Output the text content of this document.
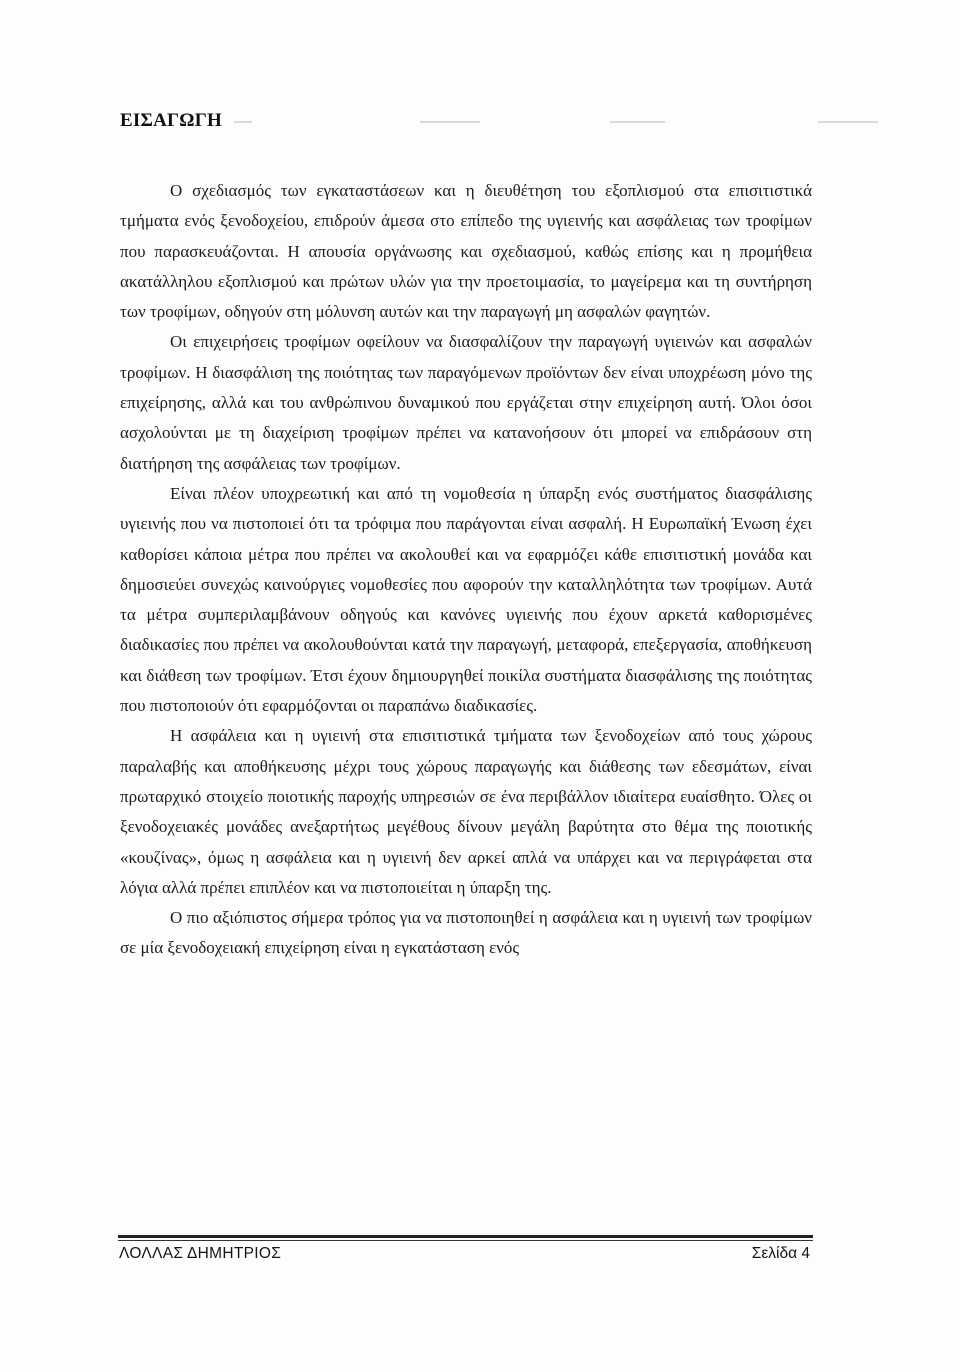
ΕΙΣΑΓΩΓΗ

Ο σχεδιασμός των εγκαταστάσεων και η διευθέτηση του εξοπλισμού στα επισιτιστικά τμήματα ενός ξενοδοχείου, επιδρούν άμεσα στο επίπεδο της υγιεινής και ασφάλειας των τροφίμων που παρασκευάζονται. Η απουσία οργάνωσης και σχεδιασμού, καθώς επίσης και η προμήθεια ακατάλληλου εξοπλισμού και πρώτων υλών για την προετοιμασία, το μαγείρεμα και τη συντήρηση των τροφίμων, οδηγούν στη μόλυνση αυτών και την παραγωγή μη ασφαλών φαγητών.

Οι επιχειρήσεις τροφίμων οφείλουν να διασφαλίζουν την παραγωγή υγιεινών και ασφαλών τροφίμων. Η διασφάλιση της ποιότητας των παραγόμενων προϊόντων δεν είναι υποχρέωση μόνο της επιχείρησης, αλλά και του ανθρώπινου δυναμικού που εργάζεται στην επιχείρηση αυτή. Όλοι όσοι ασχολούνται με τη διαχείριση τροφίμων πρέπει να κατανοήσουν ότι μπορεί να επιδράσουν στη διατήρηση της ασφάλειας των τροφίμων.

Είναι πλέον υποχρεωτική και από τη νομοθεσία η ύπαρξη ενός συστήματος διασφάλισης υγιεινής που να πιστοποιεί ότι τα τρόφιμα που παράγονται είναι ασφαλή. Η Ευρωπαϊκή Ένωση έχει καθορίσει κάποια μέτρα που πρέπει να ακολουθεί και να εφαρμόζει κάθε επισιτιστική μονάδα και δημοσιεύει συνεχώς καινούργιες νομοθεσίες που αφορούν την καταλληλότητα των τροφίμων. Αυτά τα μέτρα συμπεριλαμβάνουν οδηγούς και κανόνες υγιεινής που έχουν αρκετά καθορισμένες διαδικασίες που πρέπει να ακολουθούνται κατά την παραγωγή, μεταφορά, επεξεργασία, αποθήκευση και διάθεση των τροφίμων. Έτσι έχουν δημιουργηθεί ποικίλα συστήματα διασφάλισης της ποιότητας που πιστοποιούν ότι εφαρμόζονται οι παραπάνω διαδικασίες.

Η ασφάλεια και η υγιεινή στα επισιτιστικά τμήματα των ξενοδοχείων από τους χώρους παραλαβής και αποθήκευσης μέχρι τους χώρους παραγωγής και διάθεσης των εδεσμάτων, είναι πρωταρχικό στοιχείο ποιοτικής παροχής υπηρεσιών σε ένα περιβάλλον ιδιαίτερα ευαίσθητο. Όλες οι ξενοδοχειακές μονάδες ανεξαρτήτως μεγέθους δίνουν μεγάλη βαρύτητα στο θέμα της ποιοτικής «κουζίνας», όμως η ασφάλεια και η υγιεινή δεν αρκεί απλά να υπάρχει και να περιγράφεται στα λόγια αλλά πρέπει επιπλέον και να πιστοποιείται η ύπαρξη της.

Ο πιο αξιόπιστος σήμερα τρόπος για να πιστοποιηθεί η ασφάλεια και η υγιεινή των τροφίμων σε μία ξενοδοχειακή επιχείρηση είναι η εγκατάσταση ενός

ΛΟΛΛΑΣ ΔΗΜΗΤΡΙΟΣ	Σελίδα 4
